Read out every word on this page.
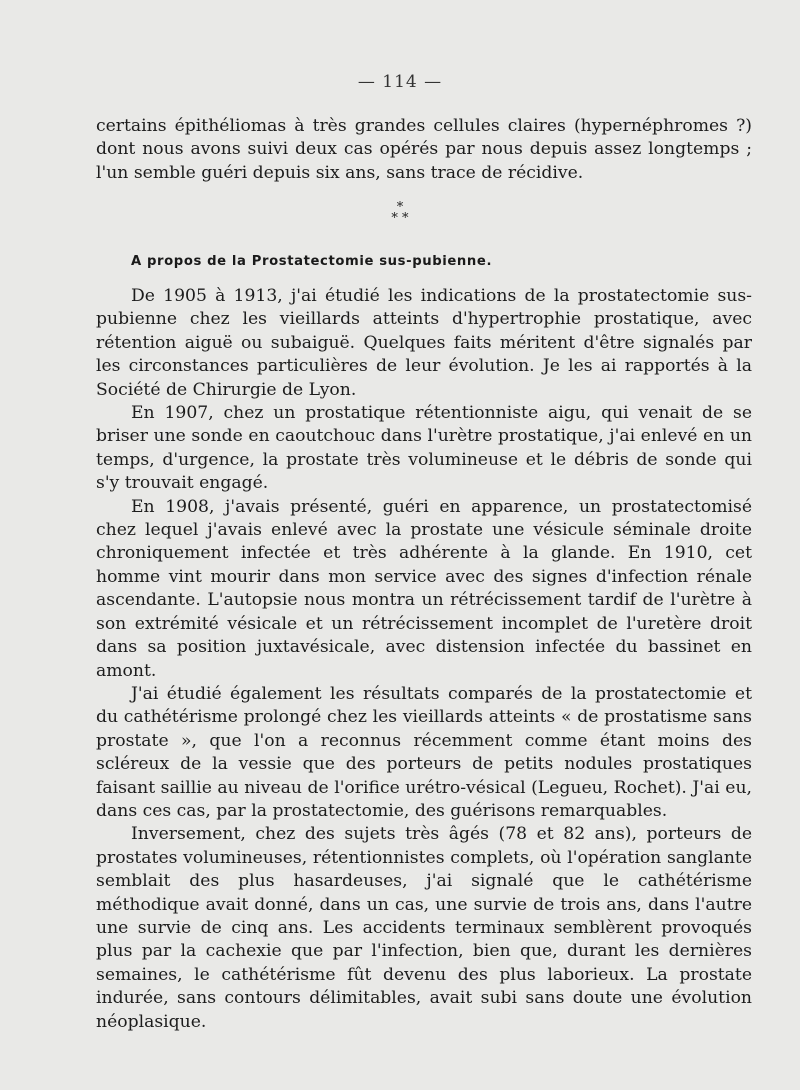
— 114 —
certains épithéliomas à très grandes cellules claires (hypernéphromes ?) dont nous avons suivi deux cas opérés par nous depuis assez longtemps ; l'un semble guéri depuis six ans, sans trace de récidive.
*
* *
A propos de la Prostatectomie sus-pubienne.

De 1905 à 1913, j'ai étudié les indications de la prostatectomie sus-pubienne chez les vieillards atteints d'hypertrophie prostatique, avec rétention aiguë ou subaiguë. Quelques faits méritent d'être signalés par les circonstances particulières de leur évolution. Je les ai rapportés à la Société de Chirurgie de Lyon.

En 1907, chez un prostatique rétentionniste aigu, qui venait de se briser une sonde en caoutchouc dans l'urètre prostatique, j'ai enlevé en un temps, d'urgence, la prostate très volumineuse et le débris de sonde qui s'y trouvait engagé.

En 1908, j'avais présenté, guéri en apparence, un prostatectomisé chez lequel j'avais enlevé avec la prostate une vésicule séminale droite chroniquement infectée et très adhérente à la glande. En 1910, cet homme vint mourir dans mon service avec des signes d'infection rénale ascendante. L'autopsie nous montra un rétrécissement tardif de l'urètre à son extrémité vésicale et un rétrécissement incomplet de l'uretère droit dans sa position juxtavésicale, avec distension infectée du bassinet en amont.

J'ai étudié également les résultats comparés de la prostatectomie et du cathétérisme prolongé chez les vieillards atteints « de prostatisme sans prostate », que l'on a reconnus récemment comme étant moins des scléreux de la vessie que des porteurs de petits nodules prostatiques faisant saillie au niveau de l'orifice urétro-vésical (Legueu, Rochet). J'ai eu, dans ces cas, par la prostatectomie, des guérisons remarquables.

Inversement, chez des sujets très âgés (78 et 82 ans), porteurs de prostates volumineuses, rétentionnistes complets, où l'opération sanglante semblait des plus hasardeuses, j'ai signalé que le cathétérisme méthodique avait donné, dans un cas, une survie de trois ans, dans l'autre une survie de cinq ans. Les accidents terminaux semblèrent provoqués plus par la cachexie que par l'infection, bien que, durant les dernières semaines, le cathétérisme fût devenu des plus laborieux. La prostate indurée, sans contours délimitables, avait subi sans doute une évolution néoplasique.
